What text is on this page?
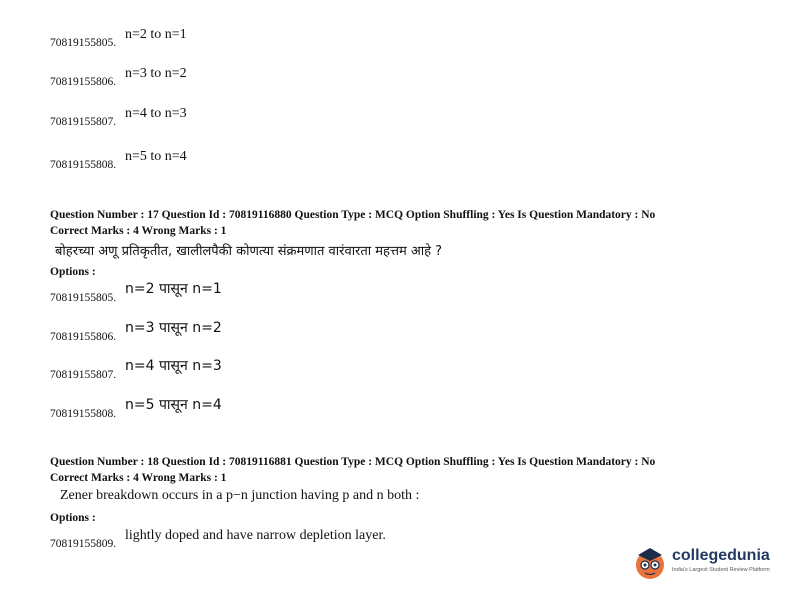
70819155805.
n=2 to n=1
70819155806.
n=3 to n=2
70819155807.
n=4 to n=3
70819155808.
n=5 to n=4
Question Number : 17 Question Id : 70819116880 Question Type : MCQ Option Shuffling : Yes Is Question Mandatory : No
Correct Marks : 4 Wrong Marks : 1
बोहरच्या अणू प्रतिकृतीत, खालीलपैकी कोणत्या संक्रमणात वारंवारता महत्तम आहे ?
Options :
70819155805.
n=2 पासून n=1
70819155806.
n=3 पासून n=2
70819155807.
n=4 पासून n=3
70819155808.
n=5 पासून n=4
Question Number : 18 Question Id : 70819116881 Question Type : MCQ Option Shuffling : Yes Is Question Mandatory : No
Correct Marks : 4 Wrong Marks : 1
Zener breakdown occurs in a p−n junction having p and n both :
Options :
70819155809.
lightly doped and have narrow depletion layer.
collegedunia
India's Largest Student Review Platform
